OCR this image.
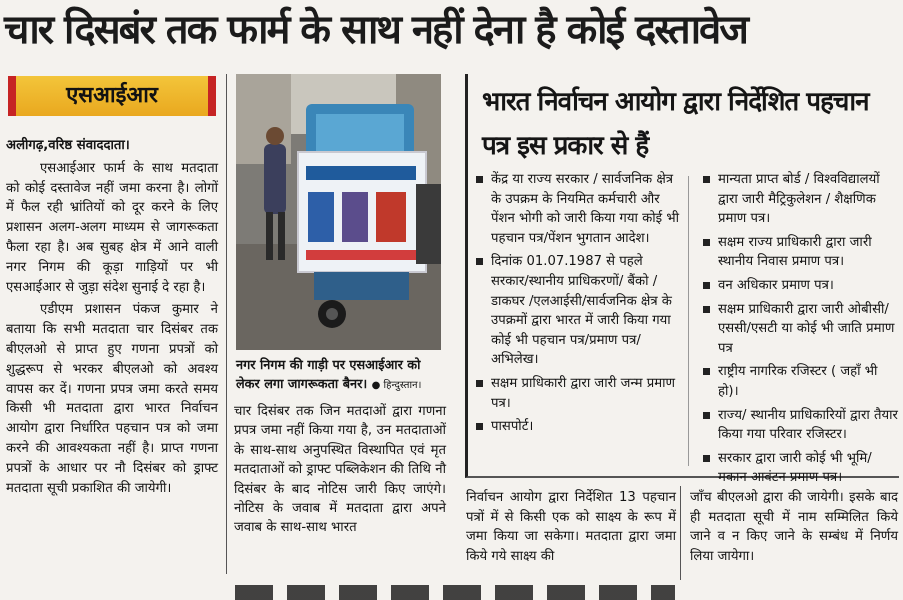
चार दिसबंर तक फार्म के साथ नहीं देना है कोई दस्तावेज
एसआईआर

अलीगढ़,वरिष्ठ संवाददाता।

एसआईआर फार्म के साथ मतदाता को कोई दस्तावेज नहीं जमा करना है। लोगों में फैल रही भ्रांतियों को दूर करने के लिए प्रशासन अलग-अलग माध्यम से जागरूकता फैला रहा है। अब सुबह क्षेत्र में आने वाली नगर निगम की कूड़ा गाड़ियों पर भी एसआईआर से जुड़ा संदेश सुनाई दे रहा है।

एडीएम प्रशासन पंकज कुमार ने बताया कि सभी मतदाता चार दिसंबर तक बीएलओ से प्राप्त हुए गणना प्रपत्रों को शुद्धरूप से भरकर बीएलओ को अवश्य वापस कर दें। गणना प्रपत्र जमा करते समय किसी भी मतदाता द्वारा भारत निर्वाचन आयोग द्वारा निर्धारित पहचान पत्र को जमा करने की आवश्यकता नहीं है। प्राप्त गणना प्रपत्रों के आधार पर नौ दिसंबर को ड्राफ्ट मतदाता सूची प्रकाशित की जायेगी।

नगर निगम की गाड़ी पर एसआईआर को लेकर लगा जागरूकता बैनर। ● हिन्दुस्तान।
चार दिसंबर तक जिन मतदाओं द्वारा गणना प्रपत्र जमा नहीं किया गया है, उन मतदाताओं के साथ-साथ अनुपस्थित विस्थापित एवं मृत मतदाताओं को ड्राफ्ट पब्लिकेशन की तिथि नौ दिसंबर के बाद नोटिस जारी किए जाएंगे। नोटिस के जवाब में मतदाता द्वारा अपने जवाब के साथ-साथ भारत
भारत निर्वाचन आयोग द्वारा निर्देशित पहचान पत्र इस प्रकार से हैं
केंद्र या राज्य सरकार / सार्वजनिक क्षेत्र के उपक्रम के नियमित कर्मचारी और पेंशन भोगी को जारी किया गया कोई भी पहचान पत्र/पेंशन भुगतान आदेश।
दिनांक 01.07.1987 से पहले सरकार/स्थानीय प्राधिकरणों/ बैंको / डाकघर /एलआईसी/सार्वजनिक क्षेत्र के उपक्रमों द्वारा भारत में जारी किया गया कोई भी पहचान पत्र/प्रमाण पत्र/अभिलेख।
सक्षम प्राधिकारी द्वारा जारी जन्म प्रमाण पत्र।
पासपोर्ट।
मान्यता प्राप्त बोर्ड / विश्वविद्यालयों द्वारा जारी मैट्रिकुलेशन / शैक्षणिक प्रमाण पत्र।
सक्षम राज्य प्राधिकारी द्वारा जारी स्थानीय निवास प्रमाण पत्र।
वन अधिकार प्रमाण पत्र।
सक्षम प्राधिकारी द्वारा जारी ओबीसी/एससी/एसटी या कोई भी जाति प्रमाण पत्र
राष्ट्रीय नागरिक रजिस्टर ( जहाँ भी हो)।
राज्य/ स्थानीय प्राधिकारियों द्वारा तैयार किया गया परिवार रजिस्टर।
सरकार द्वारा जारी कोई भी भूमि/मकान आवंटन प्रमाण पत्र।
निर्वाचन आयोग द्वारा निर्देशित 13 पहचान पत्रों में से किसी एक को साक्ष्य के रूप में जमा किया जा सकेगा। मतदाता द्वारा जमा किये गये साक्ष्य की
जाँच बीएलओ द्वारा की जायेगी। इसके बाद ही मतदाता सूची में नाम सम्मिलित किये जाने व न किए जाने के सम्बंध में निर्णय लिया जायेगा।
